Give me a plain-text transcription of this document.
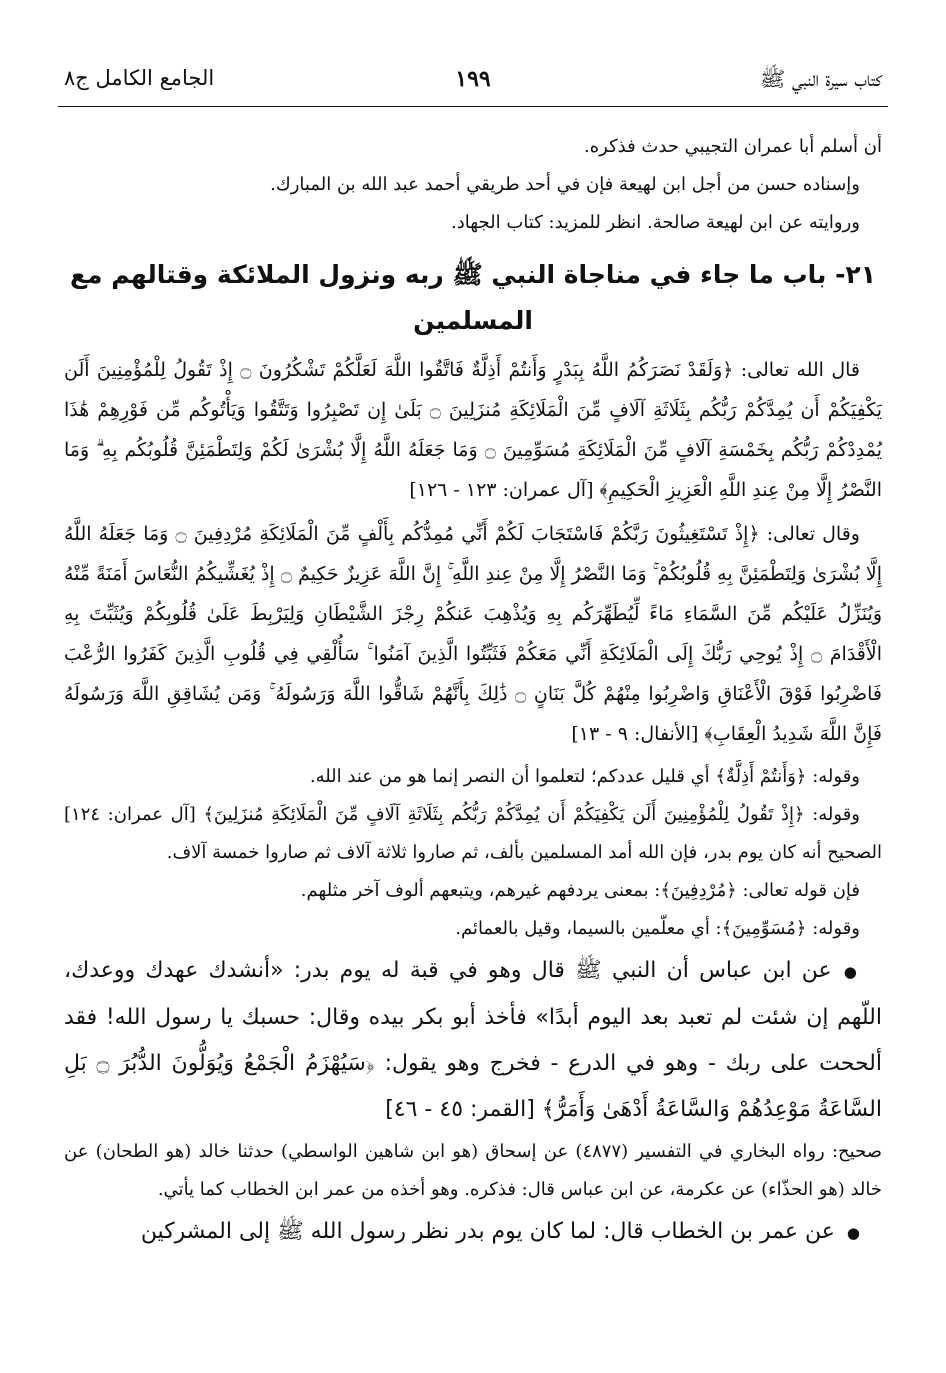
كتاب سيرة النبي ﷺ
١٩٩
الجامع الكامل ج٨

أن أسلم أبا عمران التجيبي حدث فذكره.

وإسناده حسن من أجل ابن لهيعة فإن في أحد طريقي أحمد عبد الله بن المبارك.

وروايته عن ابن لهيعة صالحة. انظر للمزيد: كتاب الجهاد.

٢١- باب ما جاء في مناجاة النبي ﷺ ربه ونزول الملائكة وقتالهم مع المسلمين

قال الله تعالى: ﴿وَلَقَدْ نَصَرَكُمُ اللَّهُ بِبَدْرٍ وَأَنتُمْ أَذِلَّةٌ فَاتَّقُوا اللَّهَ لَعَلَّكُمْ تَشْكُرُونَ ۝ إِذْ تَقُولُ لِلْمُؤْمِنِينَ أَلَن يَكْفِيَكُمْ أَن يُمِدَّكُمْ رَبُّكُم بِثَلَاثَةِ آلَافٍ مِّنَ الْمَلَائِكَةِ مُنزَلِينَ ۝ بَلَىٰ إِن تَصْبِرُوا وَتَتَّقُوا وَيَأْتُوكُم مِّن فَوْرِهِمْ هَٰذَا يُمْدِدْكُمْ رَبُّكُم بِخَمْسَةِ آلَافٍ مِّنَ الْمَلَائِكَةِ مُسَوِّمِينَ ۝ وَمَا جَعَلَهُ اللَّهُ إِلَّا بُشْرَىٰ لَكُمْ وَلِتَطْمَئِنَّ قُلُوبُكُم بِهِ ۗ وَمَا النَّصْرُ إِلَّا مِنْ عِندِ اللَّهِ الْعَزِيزِ الْحَكِيمِ﴾ [آل عمران: ١٢٣ - ١٢٦]

وقال تعالى: ﴿إِذْ تَسْتَغِيثُونَ رَبَّكُمْ فَاسْتَجَابَ لَكُمْ أَنِّي مُمِدُّكُم بِأَلْفٍ مِّنَ الْمَلَائِكَةِ مُرْدِفِينَ ۝ وَمَا جَعَلَهُ اللَّهُ إِلَّا بُشْرَىٰ وَلِتَطْمَئِنَّ بِهِ قُلُوبُكُمْ ۚ وَمَا النَّصْرُ إِلَّا مِنْ عِندِ اللَّهِ ۚ إِنَّ اللَّهَ عَزِيزٌ حَكِيمٌ ۝ إِذْ يُغَشِّيكُمُ النُّعَاسَ أَمَنَةً مِّنْهُ وَيُنَزِّلُ عَلَيْكُم مِّنَ السَّمَاءِ مَاءً لِّيُطَهِّرَكُم بِهِ وَيُذْهِبَ عَنكُمْ رِجْزَ الشَّيْطَانِ وَلِيَرْبِطَ عَلَىٰ قُلُوبِكُمْ وَيُثَبِّتَ بِهِ الْأَقْدَامَ ۝ إِذْ يُوحِي رَبُّكَ إِلَى الْمَلَائِكَةِ أَنِّي مَعَكُمْ فَثَبِّتُوا الَّذِينَ آمَنُوا ۚ سَأُلْقِي فِي قُلُوبِ الَّذِينَ كَفَرُوا الرُّعْبَ فَاضْرِبُوا فَوْقَ الْأَعْنَاقِ وَاضْرِبُوا مِنْهُمْ كُلَّ بَنَانٍ ۝ ذَٰلِكَ بِأَنَّهُمْ شَاقُّوا اللَّهَ وَرَسُولَهُ ۚ وَمَن يُشَاقِقِ اللَّهَ وَرَسُولَهُ فَإِنَّ اللَّهَ شَدِيدُ الْعِقَابِ﴾ [الأنفال: ٩ - ١٣]

وقوله: ﴿وَأَنتُمْ أَذِلَّةٌ﴾ أي قليل عددكم؛ لتعلموا أن النصر إنما هو من عند الله.

وقوله: ﴿إِذْ تَقُولُ لِلْمُؤْمِنِينَ أَلَن يَكْفِيَكُمْ أَن يُمِدَّكُمْ رَبُّكُم بِثَلَاثَةِ آلَافٍ مِّنَ الْمَلَائِكَةِ مُنزَلِينَ﴾ [آل عمران: ١٢٤] الصحيح أنه كان يوم بدر، فإن الله أمد المسلمين بألف، ثم صاروا ثلاثة آلاف ثم صاروا خمسة آلاف.

فإن قوله تعالى: ﴿مُرْدِفِينَ﴾: بمعنى يردفهم غيرهم، ويتبعهم ألوف آخر مثلهم.

وقوله: ﴿مُسَوِّمِينَ﴾: أي معلّمين بالسيما، وقيل بالعمائم.

● عن ابن عباس أن النبي ﷺ قال وهو في قبة له يوم بدر: «أنشدك عهدك ووعدك، اللّهم إن شئت لم تعبد بعد اليوم أبدًا» فأخذ أبو بكر بيده وقال: حسبك يا رسول الله! فقد ألححت على ربك - وهو في الدرع - فخرج وهو يقول: ﴿سَيُهْزَمُ الْجَمْعُ وَيُوَلُّونَ الدُّبُرَ ۝ بَلِ السَّاعَةُ مَوْعِدُهُمْ وَالسَّاعَةُ أَدْهَىٰ وَأَمَرُّ﴾ [القمر: ٤٥ - ٤٦]

صحيح: رواه البخاري في التفسير (٤٨٧٧) عن إسحاق (هو ابن شاهين الواسطي) حدثنا خالد (هو الطحان) عن خالد (هو الحذّاء) عن عكرمة، عن ابن عباس قال: فذكره. وهو أخذه من عمر ابن الخطاب كما يأتي.

● عن عمر بن الخطاب قال: لما كان يوم بدر نظر رسول الله ﷺ إلى المشركين
